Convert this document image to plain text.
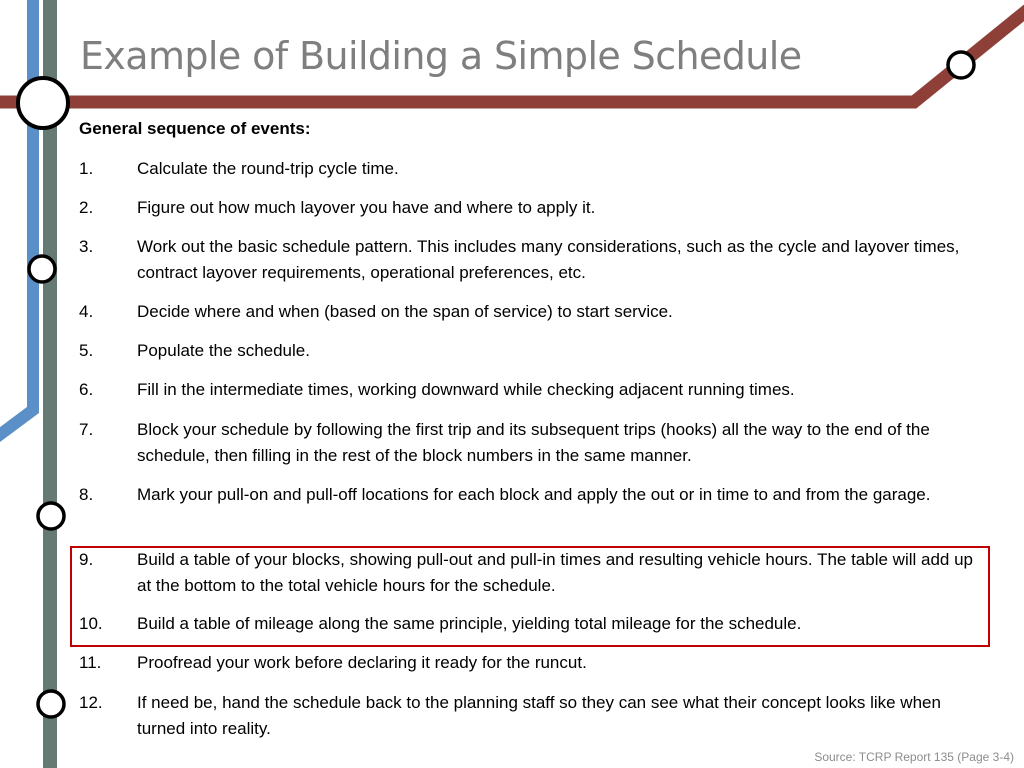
Example of Building a Simple Schedule

General sequence of events:

1.	Calculate the round-trip cycle time.
2.	Figure out how much layover you have and where to apply it.
3.	Work out the basic schedule pattern. This includes many considerations, such as the cycle and layover times, contract layover requirements, operational preferences, etc.
4.	Decide where and when (based on the span of service) to start service.
5.	Populate the schedule.
6.	Fill in the intermediate times, working downward while checking adjacent running times.
7.	Block your schedule by following the first trip and its subsequent trips (hooks) all the way to the end of the schedule, then filling in the rest of the block numbers in the same manner.
8.	Mark your pull-on and pull-off locations for each block and apply the out or in time to and from the garage.
9.	Build a table of your blocks, showing pull-out and pull-in times and resulting vehicle hours. The table will add up at the bottom to the total vehicle hours for the schedule.
10. Build a table of mileage along the same principle, yielding total mileage for the schedule.
11. Proofread your work before declaring it ready for the runcut.
12. If need be, hand the schedule back to the planning staff so they can see what their concept looks like when turned into reality.
Source: TCRP Report 135 (Page 3-4)
